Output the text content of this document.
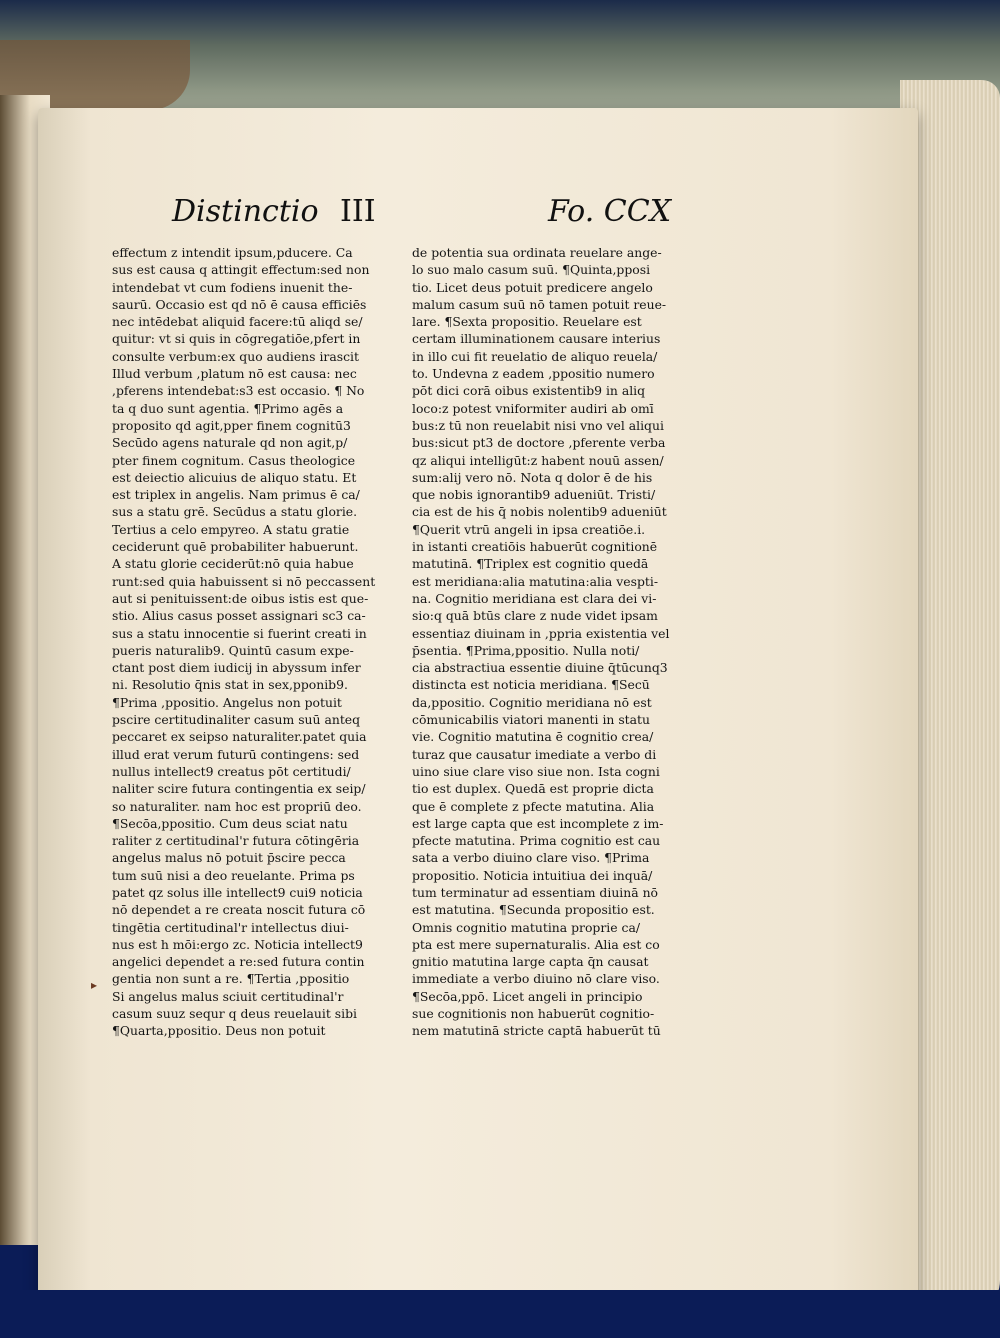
Distinctio III	Fo. CCX
▸
effectum z intendit ipsum,pducere. Ca
sus est causa q attingit effectum:sed non
intendebat vt cum fodiens inuenit the-
saurū. Occasio est qd nō ē causa efficiēs
nec intēdebat aliquid facere:tū aliqd se/
quitur: vt si quis in cōgregatiōe,pfert in
consulte verbum:ex quo audiens irascit
Illud verbum ,platum nō est causa: nec
,pferens intendebat:s3 est occasio. ¶ No
ta q duo sunt agentia. ¶Primo agēs a
proposito qd agit,pper finem cognitū3
Secūdo agens naturale qd non agit,p/
pter finem cognitum. Casus theologice
est deiectio alicuius de aliquo statu. Et
est triplex in angelis. Nam primus ē ca/
sus a statu grē. Secūdus a statu glorie.
Tertius a celo empyreo. A statu gratie
ceciderunt quē probabiliter habuerunt.
A statu glorie ceciderūt:nō quia habue
runt:sed quia habuissent si nō peccassent
aut si penituissent:de oibus istis est que-
stio. Alius casus posset assignari sc3 ca-
sus a statu innocentie si fuerint creati in
pueris naturalib9. Quintū casum expe-
ctant post diem iudicij in abyssum infer
ni. Resolutio q̄nis stat in sex,pponib9.
¶Prima ,ppositio. Angelus non potuit
pscire certitudinaliter casum suū anteq
peccaret ex seipso naturaliter.patet quia
illud erat verum futurū contingens: sed
nullus intellect9 creatus pōt certitudi/
naliter scire futura contingentia ex seip/
so naturaliter. nam hoc est propriū deo.
¶Secōa,ppositio. Cum deus sciat natu
raliter z certitudinal'r futura cōtingēria
angelus malus nō potuit p̄scire pecca
tum suū nisi a deo reuelante. Prima ps
patet qz solus ille intellect9 cui9 noticia
nō dependet a re creata noscit futura cō
tingētia certitudinal'r intellectus diui-
nus est h mōi:ergo zc. Noticia intellect9
angelici dependet a re:sed futura contin
gentia non sunt a re. ¶Tertia ,ppositio
Si angelus malus sciuit certitudinal'r
casum suuz sequr q deus reuelauit sibi
¶Quarta,ppositio. Deus non potuit
de potentia sua ordinata reuelare ange-
lo suo malo casum suū. ¶Quinta,pposi
tio. Licet deus potuit predicere angelo
malum casum suū nō tamen potuit reue-
lare. ¶Sexta propositio. Reuelare est
certam illuminationem causare interius
in illo cui fit reuelatio de aliquo reuela/
to. Undevna z eadem ,ppositio numero
pōt dici corā oibus existentib9 in aliq
loco:z potest vniformiter audiri ab omī
bus:z tū non reuelabit nisi vno vel aliqui
bus:sicut pt3 de doctore ,pferente verba
qz aliqui intelligūt:z habent nouū assen/
sum:alij vero nō. Nota q dolor ē de his
que nobis ignorantib9 adueniūt. Tristi/
cia est de his q̄ nobis nolentib9 adueniūt
¶Querit vtrū angeli in ipsa creatiōe.i.
in istanti creatiōis habuerūt cognitionē
matutinā. ¶Triplex est cognitio quedā
est meridiana:alia matutina:alia vespti-
na. Cognitio meridiana est clara dei vi-
sio:q quā btūs clare z nude videt ipsam
essentiaz diuinam in ,ppria existentia vel
p̄sentia. ¶Prima,ppositio. Nulla noti/
cia abstractiua essentie diuine q̄tūcunq3
distincta est noticia meridiana. ¶Secū
da,ppositio. Cognitio meridiana nō est
cōmunicabilis viatori manenti in statu
vie. Cognitio matutina ē cognitio crea/
turaz que causatur imediate a verbo di
uino siue clare viso siue non. Ista cogni
tio est duplex. Quedā est proprie dicta
que ē complete z pfecte matutina. Alia
est large capta que est incomplete z im-
pfecte matutina. Prima cognitio est cau
sata a verbo diuino clare viso. ¶Prima
propositio. Noticia intuitiua dei inquā/
tum terminatur ad essentiam diuinā nō
est matutina. ¶Secunda propositio est.
Omnis cognitio matutina proprie ca/
pta est mere supernaturalis. Alia est co
gnitio matutina large capta q̄n causat
immediate a verbo diuino nō clare viso.
¶Secōa,ppō. Licet angeli in principio
sue cognitionis non habuerūt cognitio-
nem matutinā stricte captā habuerūt tū
